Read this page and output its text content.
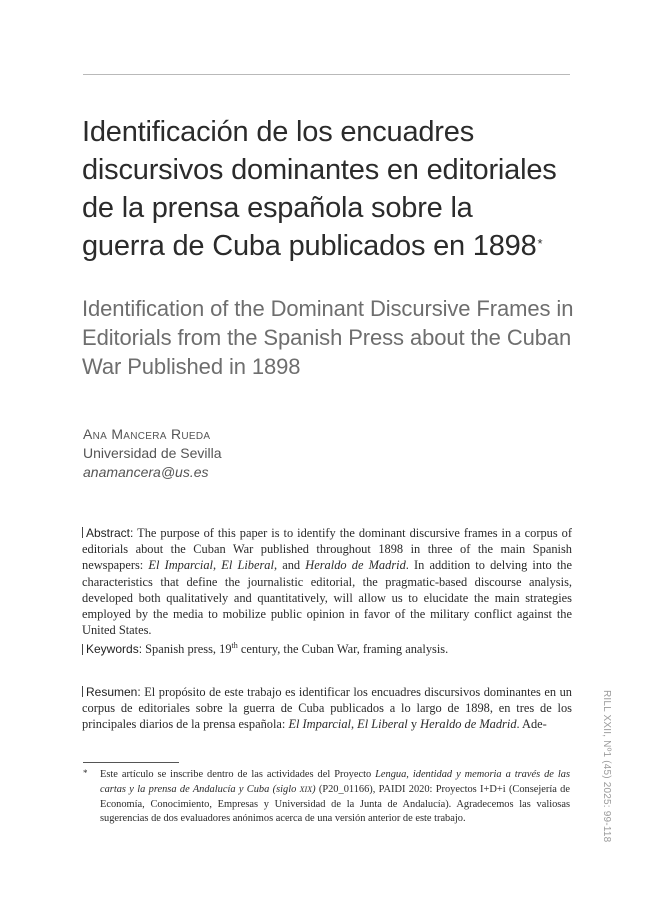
Identificación de los encuadres
discursivos dominantes en editoriales
de la prensa española sobre la
guerra de Cuba publicados en 1898*
Identification of the Dominant Discursive Frames in
Editorials from the Spanish Press about the Cuban
War Published in 1898
Ana Mancera Rueda
Universidad de Sevilla
anamancera@us.es

Abstract: The purpose of this paper is to identify the dominant discursive frames in a corpus of editorials about the Cuban War published throughout 1898 in three of the main Spanish newspapers: El Imparcial, El Liberal, and Heraldo de Madrid. In addition to delving into the characteristics that define the journalistic editorial, the pragmatic-based discourse analysis, developed both qualitatively and quantitatively, will allow us to elucidate the main strategies employed by the media to mobilize public opinion in favor of the military conflict against the United States.

Keywords: Spanish press, 19th century, the Cuban War, framing analysis.

Resumen: El propósito de este trabajo es identificar los encuadres discursivos dominantes en un corpus de editoriales sobre la guerra de Cuba publicados a lo largo de 1898, en tres de los principales diarios de la prensa española: El Imparcial, El Liberal y Heraldo de Madrid. Ade-

* Este artículo se inscribe dentro de las actividades del Proyecto Lengua, identidad y memoria a través de las cartas y la prensa de Andalucía y Cuba (siglo xix) (P20_01166), PAIDI 2020: Proyectos I+D+i (Consejería de Economía, Conocimiento, Empresas y Universidad de la Junta de Andalucía). Agradecemos las valiosas sugerencias de dos evaluadores anónimos acerca de una versión anterior de este trabajo.	RILL XXII, Nº1 (45) 2025: 99-118
